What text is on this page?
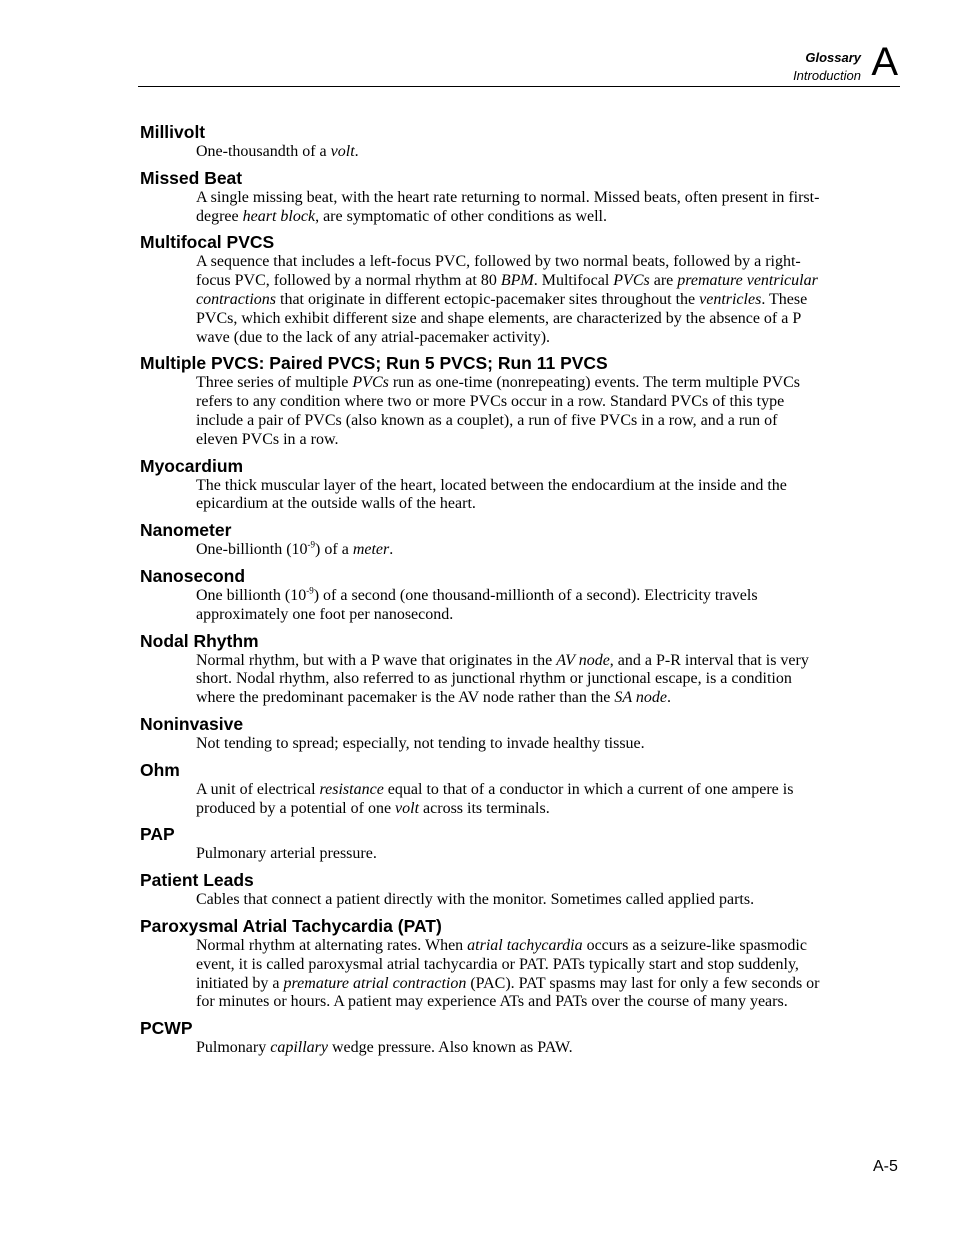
Glossary
Introduction A
Millivolt
One-thousandth of a volt.
Missed Beat
A single missing beat, with the heart rate returning to normal. Missed beats, often present in first-degree heart block, are symptomatic of other conditions as well.
Multifocal PVCS
A sequence that includes a left-focus PVC, followed by two normal beats, followed by a right-focus PVC, followed by a normal rhythm at 80 BPM. Multifocal PVCs are premature ventricular contractions that originate in different ectopic-pacemaker sites throughout the ventricles. These PVCs, which exhibit different size and shape elements, are characterized by the absence of a P wave (due to the lack of any atrial-pacemaker activity).
Multiple PVCS: Paired PVCS; Run 5 PVCS; Run 11 PVCS
Three series of multiple PVCs run as one-time (nonrepeating) events. The term multiple PVCs refers to any condition where two or more PVCs occur in a row. Standard PVCs of this type include a pair of PVCs (also known as a couplet), a run of five PVCs in a row, and a run of eleven PVCs in a row.
Myocardium
The thick muscular layer of the heart, located between the endocardium at the inside and the epicardium at the outside walls of the heart.
Nanometer
One-billionth $(10^{-9})$ of a meter.
Nanosecond
One billionth $(10^{-9})$ of a second (one thousand-millionth of a second). Electricity travels approximately one foot per nanosecond.
Nodal Rhythm
Normal rhythm, but with a P wave that originates in the AV node, and a P-R interval that is very short. Nodal rhythm, also referred to as junctional rhythm or junctional escape, is a condition where the predominant pacemaker is the AV node rather than the SA node.
Noninvasive
Not tending to spread; especially, not tending to invade healthy tissue.
Ohm
A unit of electrical resistance equal to that of a conductor in which a current of one ampere is produced by a potential of one volt across its terminals.
PAP
Pulmonary arterial pressure.
Patient Leads
Cables that connect a patient directly with the monitor. Sometimes called applied parts.
Paroxysmal Atrial Tachycardia (PAT)
Normal rhythm at alternating rates. When atrial tachycardia occurs as a seizure-like spasmodic event, it is called paroxysmal atrial tachycardia or PAT. PATs typically start and stop suddenly, initiated by a premature atrial contraction (PAC). PAT spasms may last for only a few seconds or for minutes or hours. A patient may experience ATs and PATs over the course of many years.
PCWP
Pulmonary capillary wedge pressure. Also known as PAW.
A-5
